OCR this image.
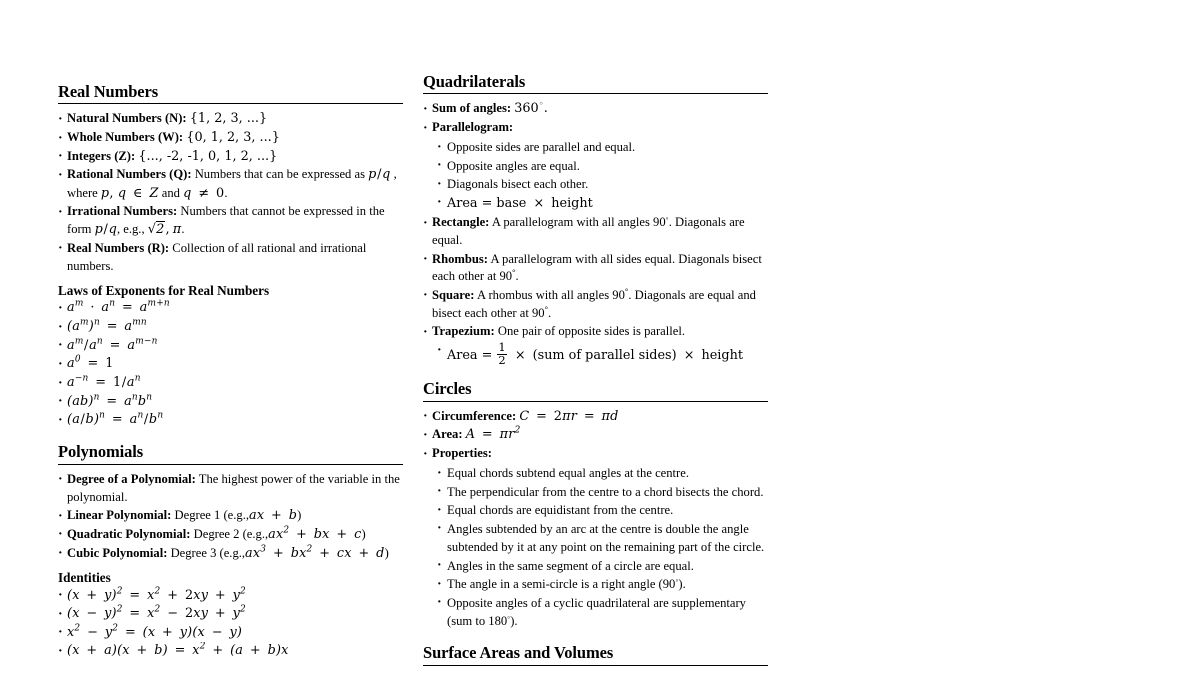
Real Numbers
· Natural Numbers (N): {1, 2, 3, ...}
· Whole Numbers (W): {0, 1, 2, 3, ...}
· Integers (Z): {..., -2, -1, 0, 1, 2, ...}
· Rational Numbers (Q): Numbers that can be expressed as p/q , where p, q ∈ Z and q ≠ 0.
· Irrational Numbers: Numbers that cannot be expressed in the form p/q, e.g., √2, π.
· Real Numbers (R): Collection of all rational and irrational numbers.
Laws of Exponents for Real Numbers
· $a^m \cdot a^n = a^{m+n}$
· $(a^m)^n = a^{mn}$
· $a^m/a^n = a^{m-n}$
· $a^0 = 1$
· $a^{-n} = 1/a^n$
· $(ab)^n = a^nb^n$
· $(a/b)^n = a^n/b^n$
Polynomials
· Degree of a Polynomial: The highest power of the variable in the polynomial.
· Linear Polynomial: Degree 1 (e.g.,ax + b)
· Quadratic Polynomial: Degree 2 ($e.g.,ax^2$ + bx + c)
· Cubic Polynomial: Degree 3 ($e.g.,ax^3 + bx^2$ + cx + d)
Identities
· $(x + y)^2 = x^2 + 2xy + y^2$
· $(x - y)^2 = x^2 - 2xy + y^2$
· $x^2 - y^2 = (x + y)(x - y)$
· $(x + a)(x + b) = x^2 + (a + b)x$
Quadrilaterals
· Sum of angles: 360◦.
· Parallelogram:
· Opposite sides are parallel and equal.
· Opposite angles are equal.
· Diagonals bisect each other.
· Area = base × height
· Rectangle: A parallelogram with all angles 90◦. Diagonals are equal.
· Rhombus: A parallelogram with all sides equal. Diagonals bisect each other at 90°.
· Square: A rhombus with all angles 90°. Diagonals are equal and bisect each other at 90°.
· Trapezium: One pair of opposite sides is parallel.
· Area = $\frac{1}{2} \times (sum$ of parallel sides) × height
Circles
· Circumference: C = 2πr = πd
· Area: $A = \pi r^2$
· Properties:
· Equal chords subtend equal angles at the centre.
· The perpendicular from the centre to a chord bisects the chord.
· Equal chords are equidistant from the centre.
· Angles subtended by an arc at the centre is double the angle subtended by it at any point on the remaining part of the circle.
· Angles in the same segment of a circle are equal.
· The angle in a semi-circle is a right angle (90◦).
· Opposite angles of a cyclic quadrilateral are supplementary (sum to 180◦).
Surface Areas and Volumes
